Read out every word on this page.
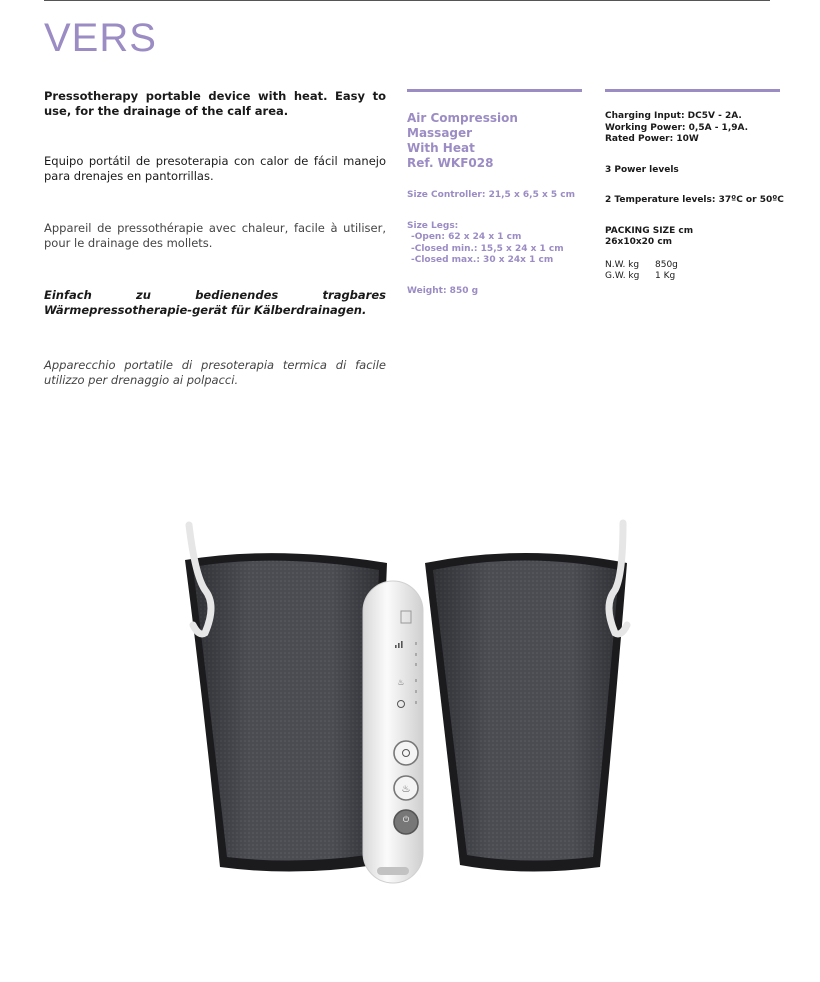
VERS
Pressotherapy portable device with heat. Easy to use, for the drainage of the calf area.
Equipo portátil de presoterapia con calor de fácil manejo para drenajes en pantorrillas.
Appareil de pressothérapie avec chaleur, facile à utiliser, pour le drainage des mollets.
Einfach zu bedienendes tragbares Wärmepressotherapie-gerät für Kälberdrainagen.
Apparecchio portatile di presoterapia termica di facile utilizzo per drenaggio ai polpacci.
Air Compression Massager
With Heat
Ref. WKF028
Size Controller: 21,5 x 6,5 x 5 cm
Size Legs:
-Open: 62 x 24 x 1 cm
-Closed min.: 15,5 x 24 x 1 cm
-Closed max.: 30 x 24x 1 cm
Weight: 850 g
Charging Input: DC5V - 2A.
Working Power: 0,5A - 1,9A.
Rated Power: 10W
3 Power levels
2 Temperature levels: 37ºC or 50ºC
PACKING SIZE cm
26x10x20 cm
N.W. kg	850g
G.W. kg	1 Kg
♨
♨
⏻
